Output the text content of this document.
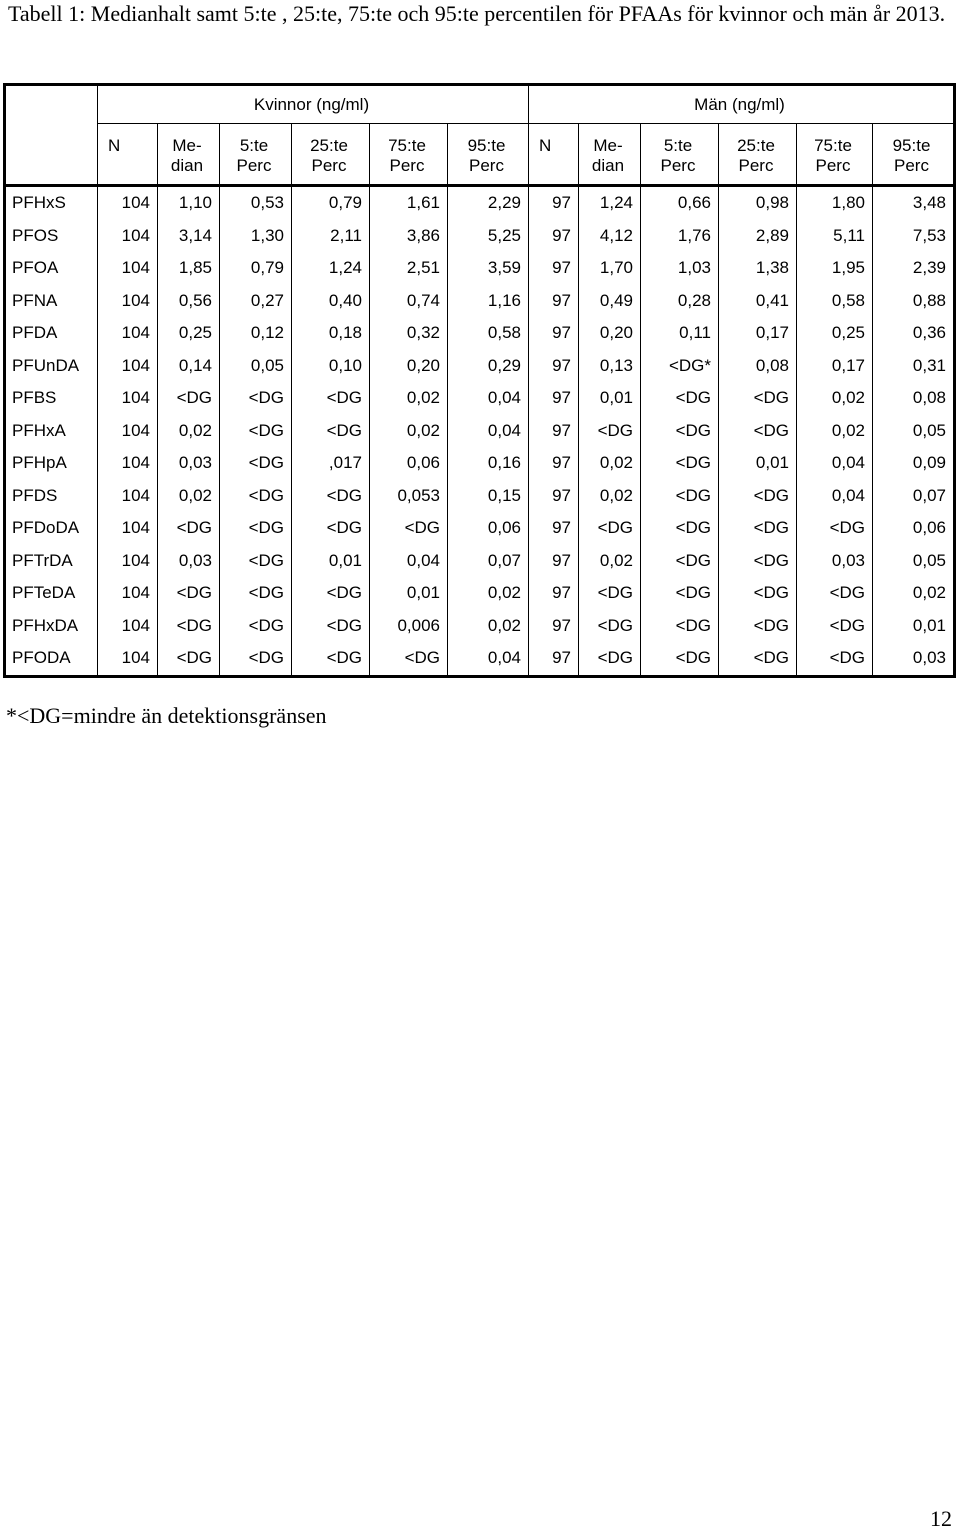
Tabell 1: Medianhalt samt 5:te , 25:te, 75:te och 95:te percentilen för PFAAs för kvinnor och män år 2013.
	Kvinnor (ng/ml)						Män (ng/ml)					
	N	Me-	5:te	25:te	75:te	95:te	N	Me-	5:te	25:te	75:te	95:te
		dian	Perc	Perc	Perc	Perc		dian	Perc	Perc	Perc	Perc
PFHxS	104	1,10	0,53	0,79	1,61	2,29	97	1,24	0,66	0,98	1,80	3,48
PFOS	104	3,14	1,30	2,11	3,86	5,25	97	4,12	1,76	2,89	5,11	7,53
PFOA	104	1,85	0,79	1,24	2,51	3,59	97	1,70	1,03	1,38	1,95	2,39
PFNA	104	0,56	0,27	0,40	0,74	1,16	97	0,49	0,28	0,41	0,58	0,88
PFDA	104	0,25	0,12	0,18	0,32	0,58	97	0,20	0,11	0,17	0,25	0,36
PFUnDA	104	0,14	0,05	0,10	0,20	0,29	97	0,13	<DG*	0,08	0,17	0,31
PFBS	104	<DG	<DG	<DG	0,02	0,04	97	0,01	<DG	<DG	0,02	0,08
PFHxA	104	0,02	<DG	<DG	0,02	0,04	97	<DG	<DG	<DG	0,02	0,05
PFHpA	104	0,03	<DG	,017	0,06	0,16	97	0,02	<DG	0,01	0,04	0,09
PFDS	104	0,02	<DG	<DG	0,053	0,15	97	0,02	<DG	<DG	0,04	0,07
PFDoDA	104	<DG	<DG	<DG	<DG	0,06	97	<DG	<DG	<DG	<DG	0,06
PFTrDA	104	0,03	<DG	0,01	0,04	0,07	97	0,02	<DG	<DG	0,03	0,05
PFTeDA	104	<DG	<DG	<DG	0,01	0,02	97	<DG	<DG	<DG	<DG	0,02
PFHxDA	104	<DG	<DG	<DG	0,006	0,02	97	<DG	<DG	<DG	<DG	0,01
PFODA	104	<DG	<DG	<DG	<DG	0,04	97	<DG	<DG	<DG	<DG	0,03
*<DG=mindre än detektionsgränsen
12
